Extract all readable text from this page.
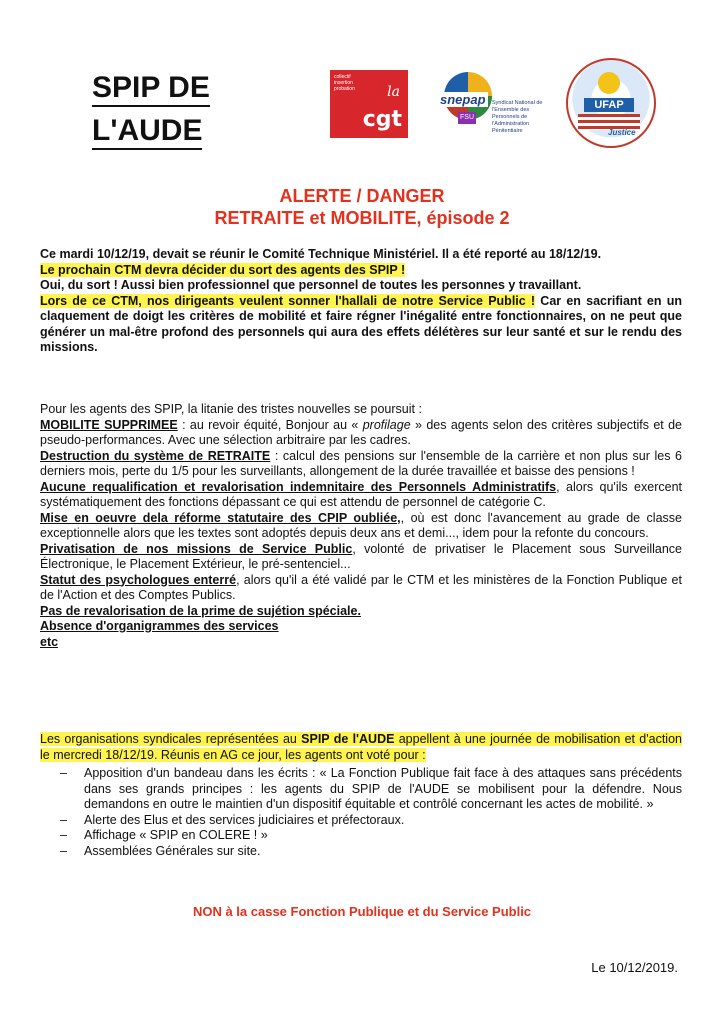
SPIP DE
L'AUDE
collectif insertion probation	la
cgt
snepap
FSU
Syndicat National de l'Ensemble des Personnels de l'Administration Pénitentiaire
UFAP
Justice
ALERTE / DANGER
RETRAITE et MOBILITE, épisode 2
Ce mardi 10/12/19, devait se réunir le Comité Technique Ministériel. Il a été reporté au 18/12/19.
Le prochain CTM devra décider du sort des agents des SPIP !
Oui, du sort ! Aussi bien professionnel que personnel de toutes les personnes y travaillant.
Lors de ce CTM, nos dirigeants veulent sonner l'hallali de notre Service Public ! Car en sacrifiant en un claquement de doigt les critères de mobilité et faire régner l'inégalité entre fonctionnaires, on ne peut que générer un mal-être profond des personnels qui aura des effets délétères sur leur santé et sur le rendu des missions.
Pour les agents des SPIP, la litanie des tristes nouvelles se poursuit :
MOBILITE SUPPRIMEE : au revoir équité, Bonjour au « profilage » des agents selon des critères subjectifs et de pseudo-performances. Avec une sélection arbitraire par les cadres.
Destruction du système de RETRAITE : calcul des pensions sur l'ensemble de la carrière et non plus sur les 6 derniers mois, perte du 1/5 pour les surveillants, allongement de la durée travaillée et baisse des pensions !
Aucune requalification et revalorisation indemnitaire des Personnels Administratifs, alors qu'ils exercent systématiquement des fonctions dépassant ce qui est attendu de personnel de catégorie C.
Mise en oeuvre dela réforme statutaire des CPIP oubliée,, où est donc l'avancement au grade de classe exceptionnelle alors que les textes sont adoptés depuis deux ans et demi..., idem pour la refonte du concours.
Privatisation de nos missions de Service Public, volonté de privatiser le Placement sous Surveillance Électronique, le Placement Extérieur, le pré-sentenciel...
Statut des psychologues enterré, alors qu'il a été validé par le CTM et les ministères de la Fonction Publique et de l'Action et des Comptes Publics.
Pas de revalorisation de la prime de sujétion spéciale.
Absence d'organigrammes des services
etc
Les organisations syndicales représentées au SPIP de l'AUDE appellent à une journée de mobilisation et d'action le mercredi 18/12/19. Réunis en AG ce jour, les agents ont voté pour :
– Apposition d'un bandeau dans les écrits : « La Fonction Publique fait face à des attaques sans précédents dans ses grands principes : les agents du SPIP de l'AUDE se mobilisent pour la défendre. Nous demandons en outre le maintien d'un dispositif équitable et contrôlé concernant les actes de mobilité. »
– Alerte des Elus et des services judiciaires et préfectoraux.
– Affichage « SPIP en COLERE ! »
– Assemblées Générales sur site.
NON à la casse Fonction Publique et du Service Public
Le 10/12/2019.
